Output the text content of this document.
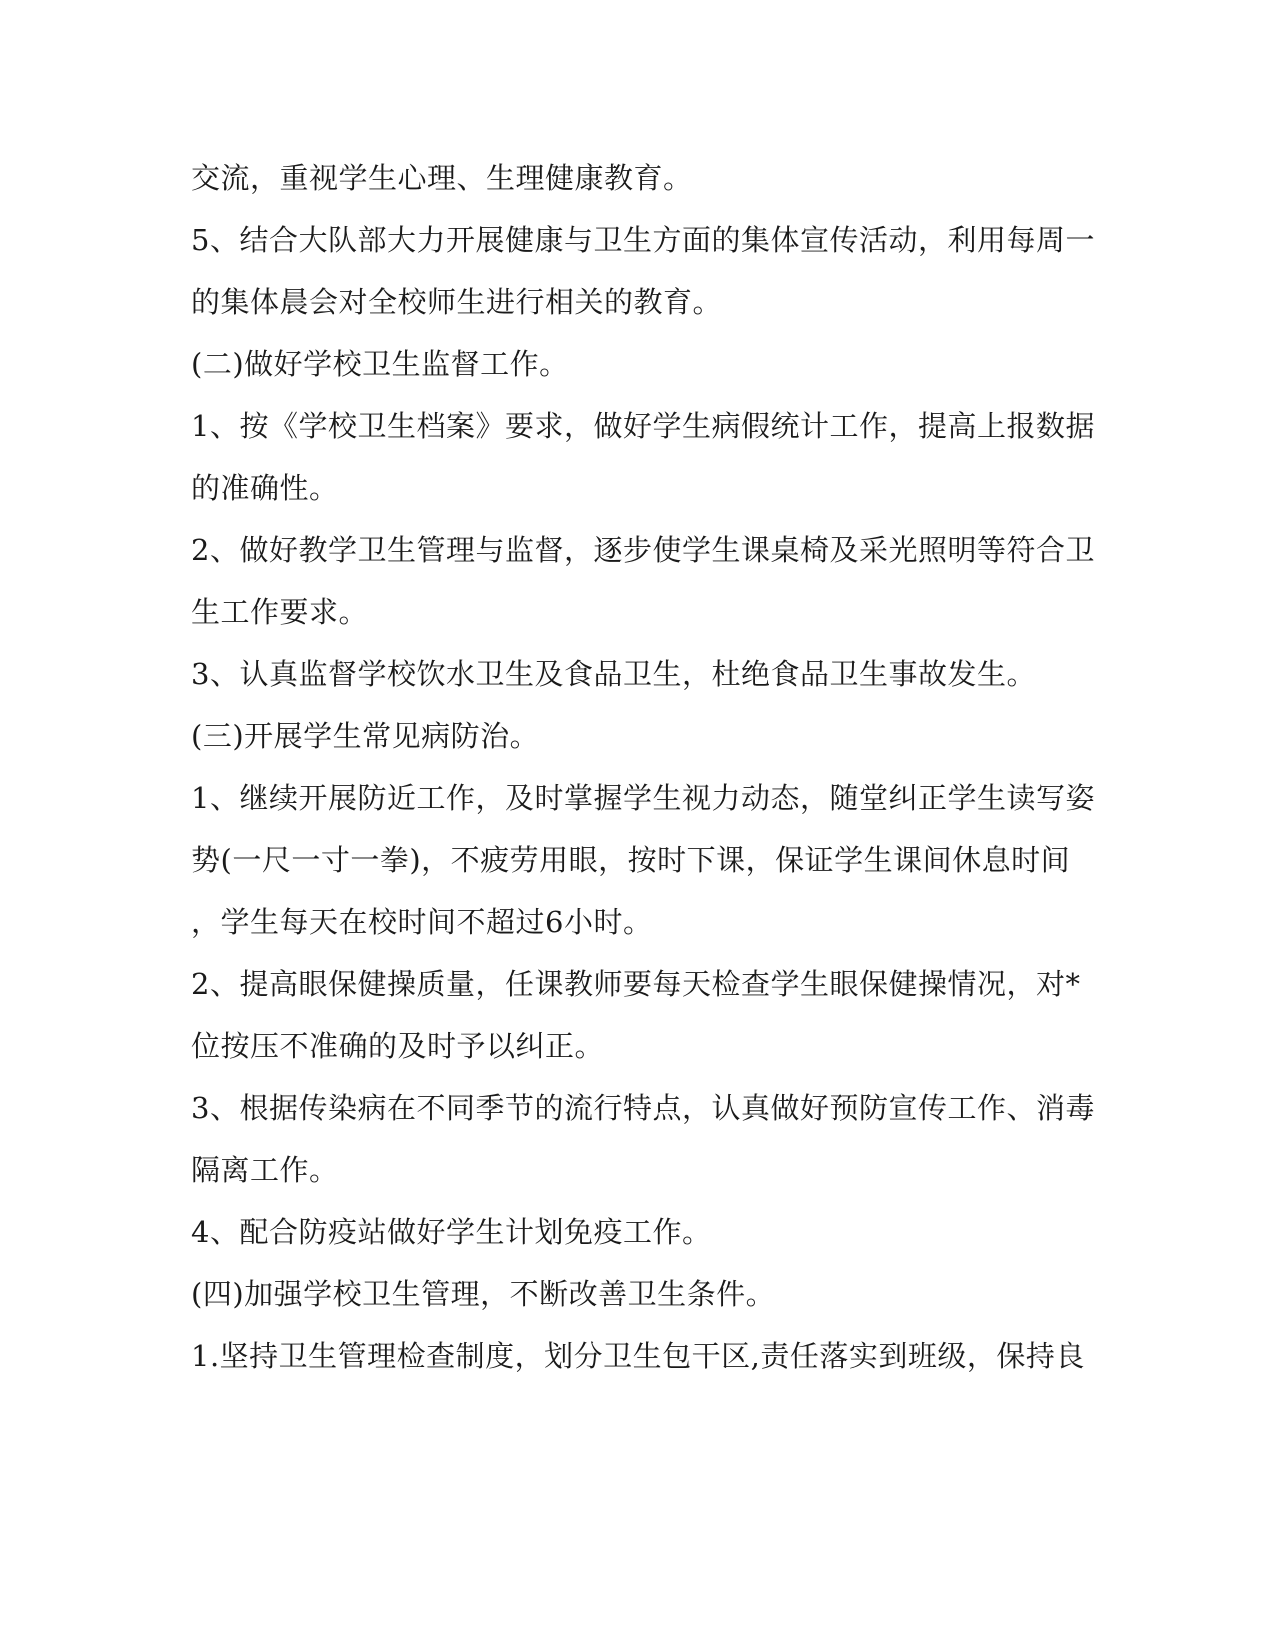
交流，重视学生心理、生理健康教育。
5、结合大队部大力开展健康与卫生方面的集体宣传活动，利用每周一
的集体晨会对全校师生进行相关的教育。
(二)做好学校卫生监督工作。
1、按《学校卫生档案》要求，做好学生病假统计工作，提高上报数据
的准确性。
2、做好教学卫生管理与监督，逐步使学生课桌椅及采光照明等符合卫
生工作要求。
3、认真监督学校饮水卫生及食品卫生，杜绝食品卫生事故发生。
(三)开展学生常见病防治。
1、继续开展防近工作，及时掌握学生视力动态，随堂纠正学生读写姿
势(一尺一寸一拳)，不疲劳用眼，按时下课，保证学生课间休息时间
，学生每天在校时间不超过6小时。
2、提高眼保健操质量，任课教师要每天检查学生眼保健操情况，对*
位按压不准确的及时予以纠正。
3、根据传染病在不同季节的流行特点，认真做好预防宣传工作、消毒
隔离工作。
4、配合防疫站做好学生计划免疫工作。
(四)加强学校卫生管理，不断改善卫生条件。
1.坚持卫生管理检查制度，划分卫生包干区,责任落实到班级，保持良
